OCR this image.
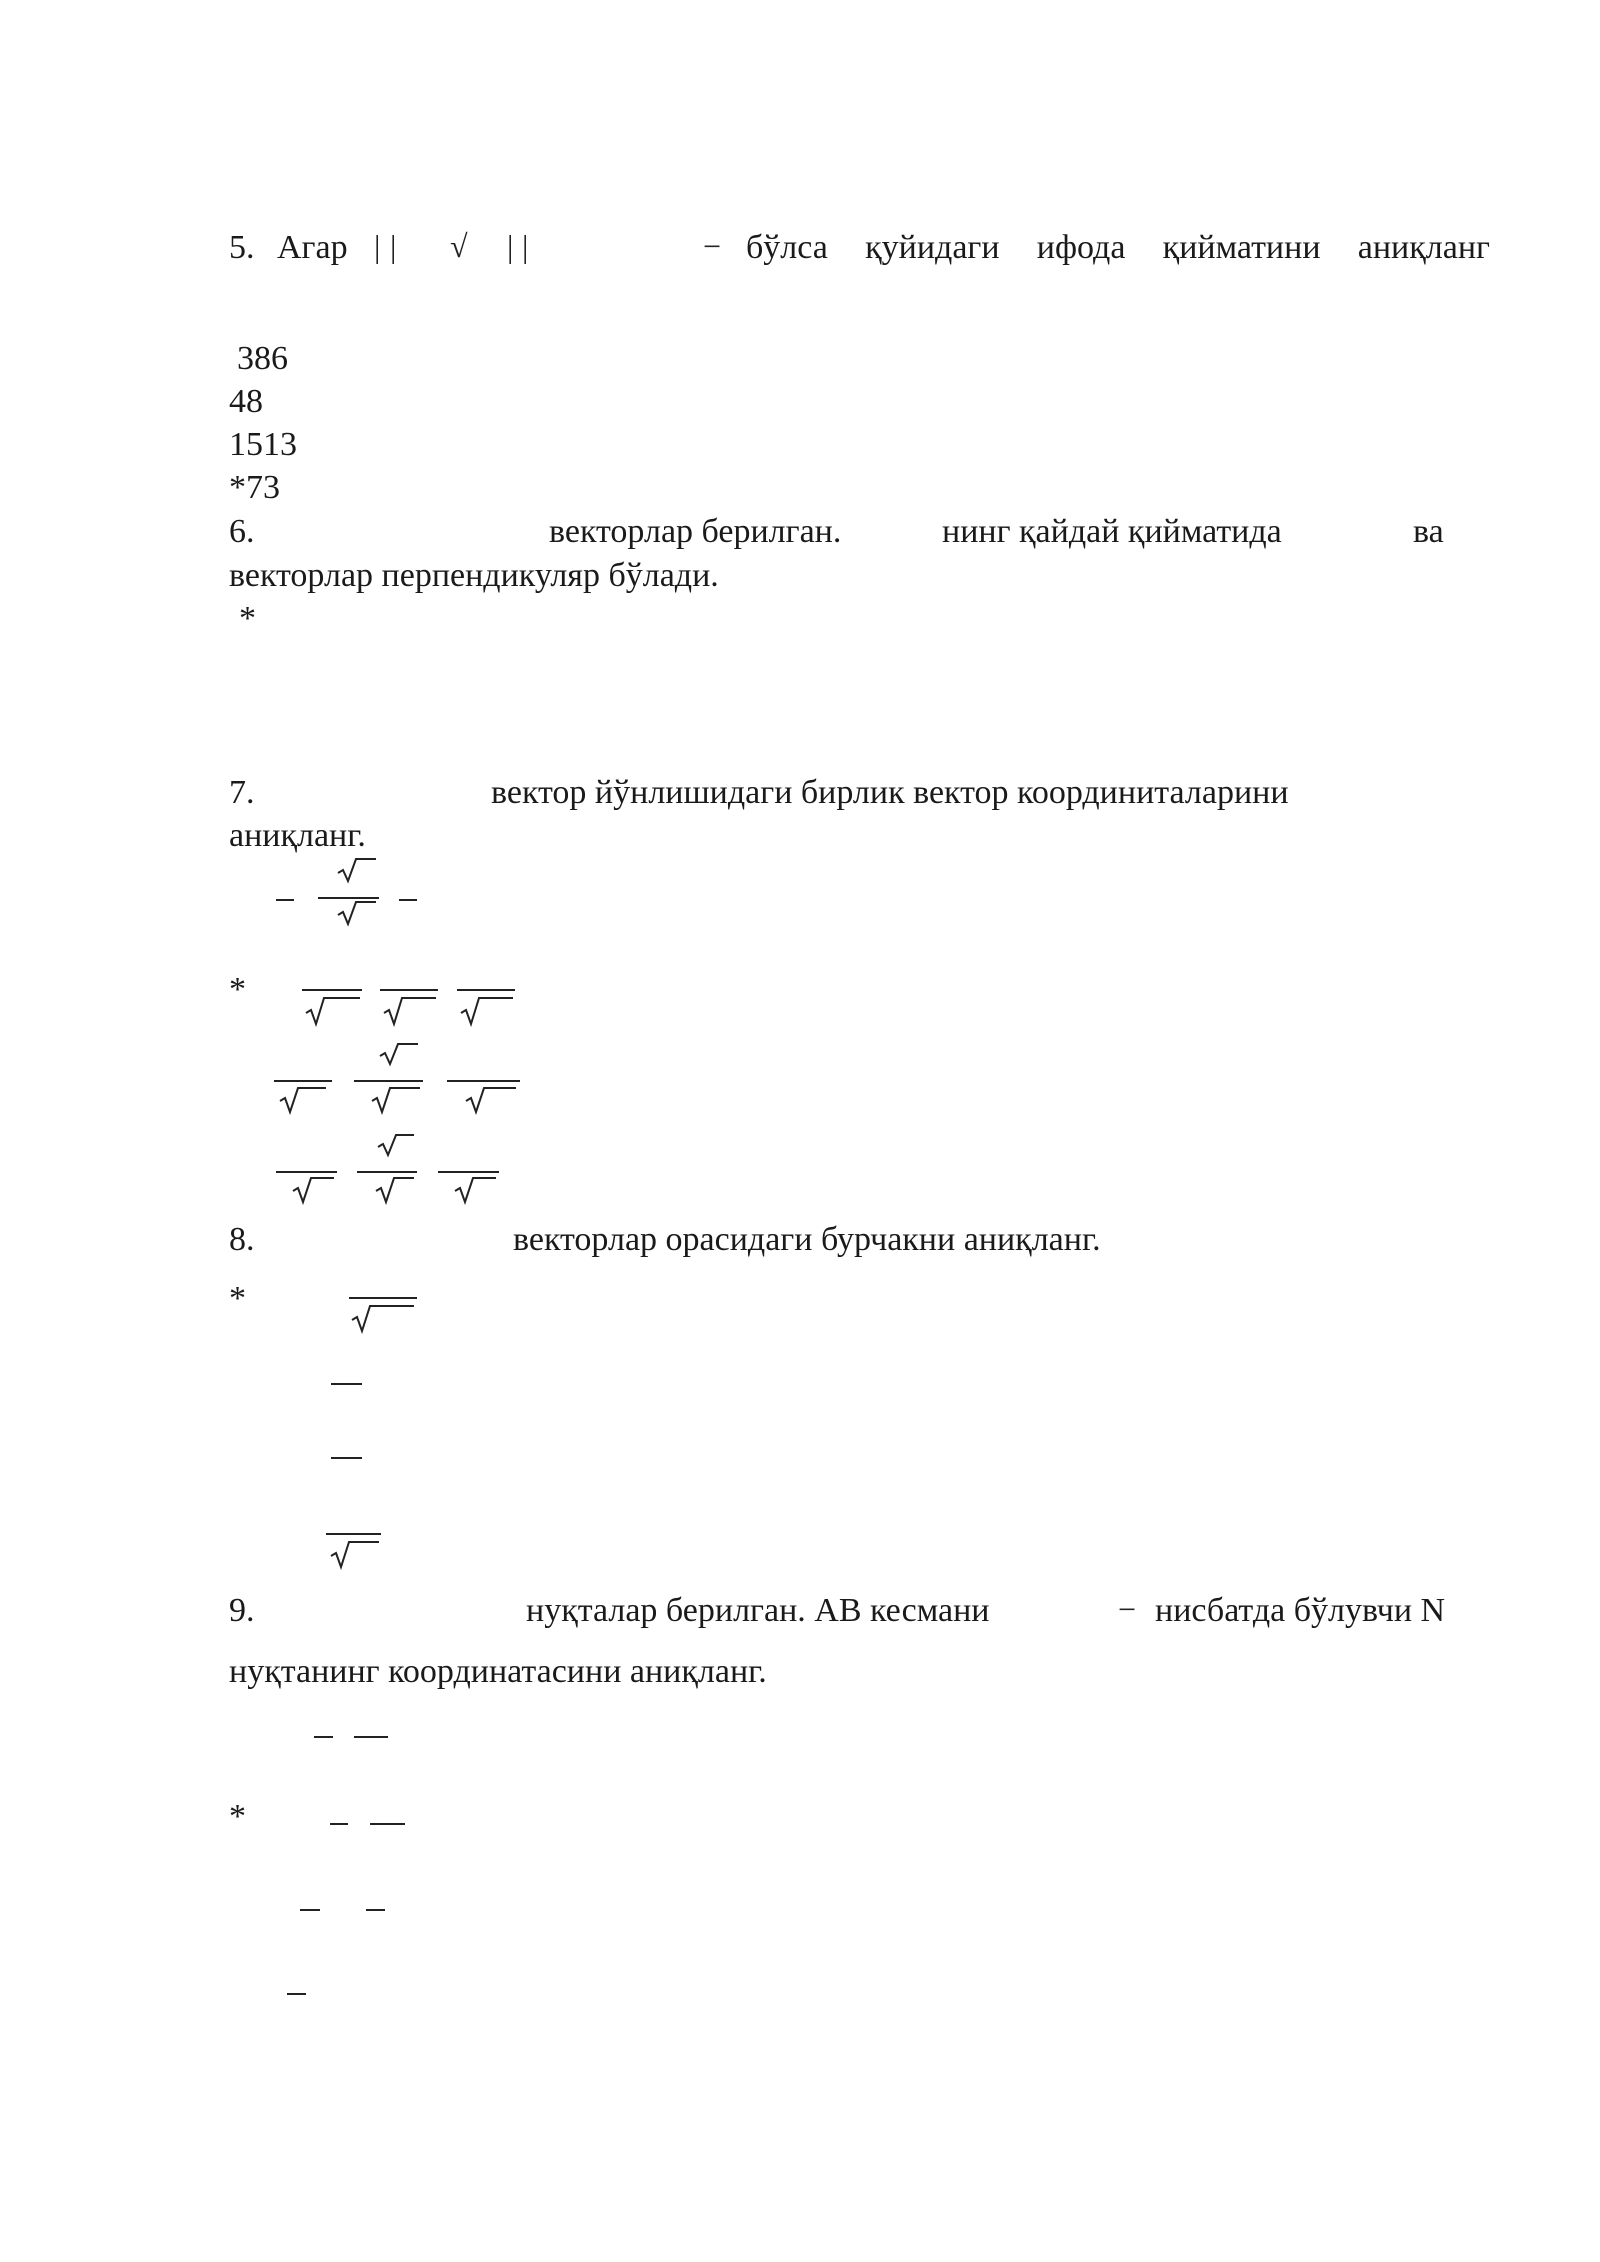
5. Агар | | √ | |	− бўлса қуйидаги ифода қийматини аниқланг
386
48
1513
*73
6.	векторлар берилган.	нинг қайдай қийматида	ва
векторлар перпендикуляр бўлади.
*
7.	вектор йўнлишидаги бирлик вектор координиталарини
аниқланг.
*
8.	векторлар орасидаги бурчакни аниқланг.
*
9.	нуқталар берилган. AB кесмани	− нисбатда бўлувчи N
нуқтанинг координатасини аниқланг.
*
